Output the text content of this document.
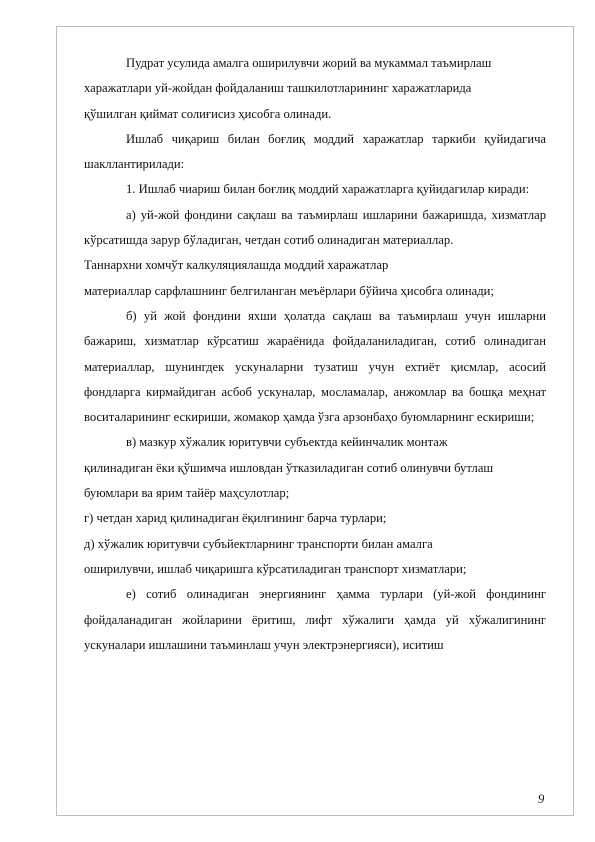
Пудрат усулида амалга оширилувчи жорий ва мукаммал таъмирлаш
харажатлари уй-жойдан фойдаланиш ташкилотларининг харажатларида
қўшилган қиймат солиғисиз ҳисобга олинади.

Ишлаб чиқариш билан боғлиқ моддий харажатлар таркиби қуйидагича шакллантирилади:

1. Ишлаб чиариш билан боғлиқ моддий харажатларга қуйидагилар киради:

а) уй-жой фондини сақлаш ва таъмирлаш ишларини бажаришда, хизматлар кўрсатишда зарур бўладиган, четдан сотиб олинадиган материаллар.

Таннархни хомчўт калкуляциялашда моддий харажатлар
материаллар сарфлашнинг белгиланган меъёрлари бўйича ҳисобга олинади;

б) уй жой фондини яхши ҳолатда сақлаш ва таъмирлаш учун ишларни бажариш, хизматлар кўрсатиш жараёнида фойдаланиладиган, сотиб олинадиган материаллар, шунингдек ускуналарни тузатиш учун ехтиёт қисмлар, асосий фондларга кирмайдиган асбоб ускуналар, мосламалар, анжомлар ва бошқа меҳнат воситаларининг ескириши, жомакор ҳамда ўзга арзонбаҳо буюмларнинг ескириши;

в) мазкур хўжалик юритувчи субъектда кейинчалик монтаж
қилинадиган ёки қўшимча ишловдан ўтказиладиган сотиб олинувчи бутлаш
буюмлари ва ярим тайёр маҳсулотлар;
г) четдан харид қилинадиган ёқилғининг барча турлари;
д) хўжалик юритувчи субъйектларнинг транспорти билан амалга
оширилувчи, ишлаб чиқаришга кўрсатиладиган транспорт хизматлари;

е) сотиб олинадиган энергиянинг ҳамма турлари (уй-жой фондининг фойдаланадиган жойларини ёритиш, лифт хўжалиги ҳамда уй хўжалигининг ускуналари ишлашини таъминлаш учун электрэнергияси), иситиш

9
